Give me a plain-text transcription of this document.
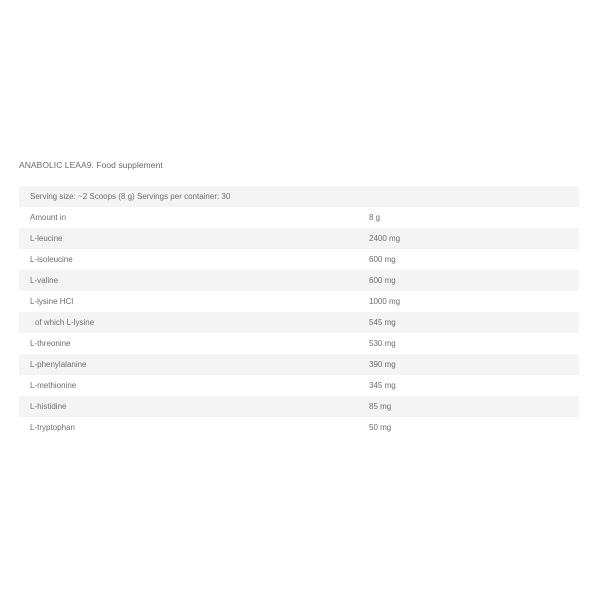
ANABOLIC LEAA9. Food supplement
Serving size: ~2 Scoops (8 g) Servings per container: 30
Amount in	8 g
L-leucine	2400 mg
L-isoleucine	600 mg
L-valine	600 mg
L-lysine HCl	1000 mg
of which L-lysine	545 mg
L-threonine	530 mg
L-phenylalanine	390 mg
L-methionine	345 mg
L-histidine	85 mg
L-tryptophan	50 mg
